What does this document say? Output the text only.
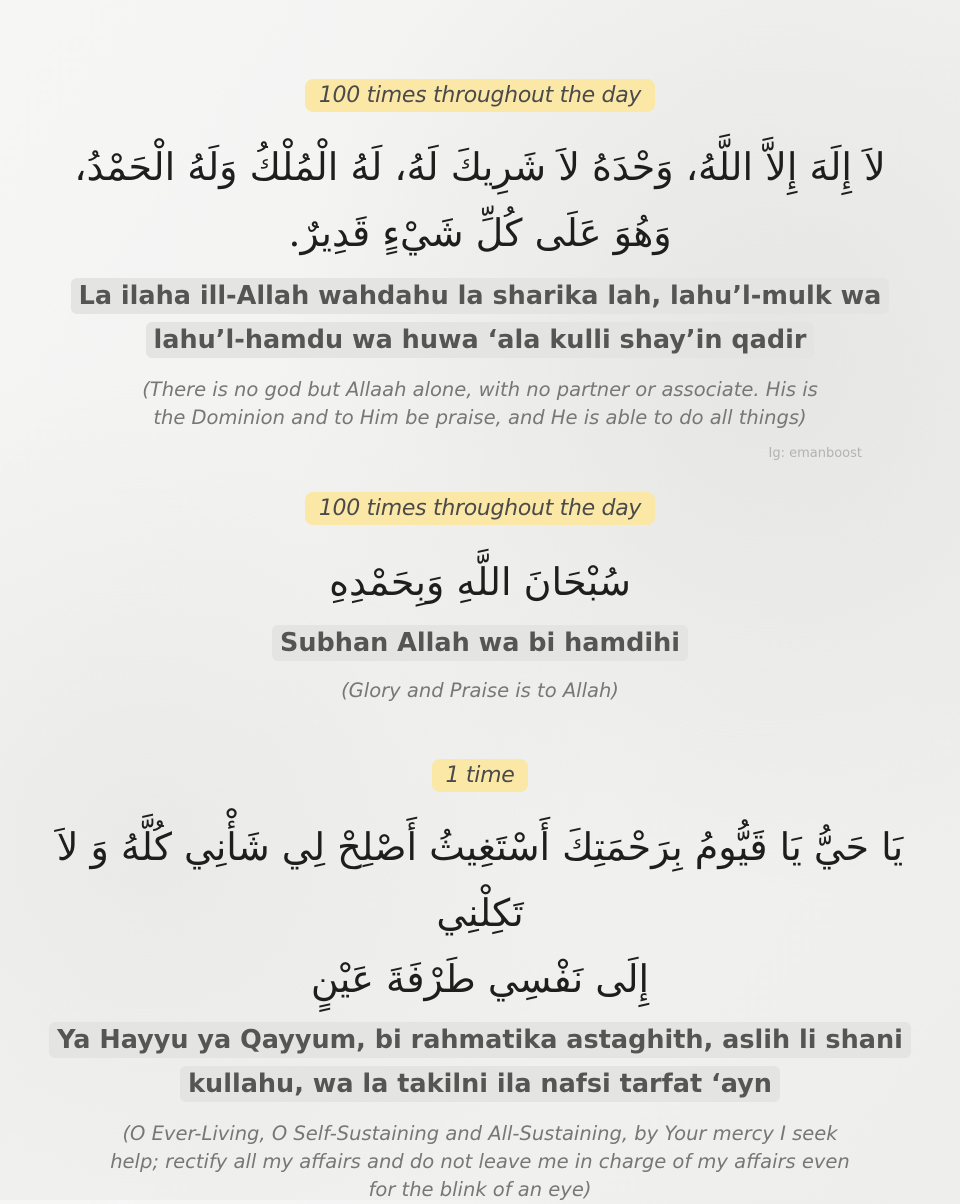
100 times throughout the day
لاَ إِلَهَ إِلاَّ اللَّهُ، وَحْدَهُ لاَ شَرِيكَ لَهُ، لَهُ الْمُلْكُ وَلَهُ الْحَمْدُ،
وَهُوَ عَلَى كُلِّ شَيْءٍ قَدِيرٌ.
La ilaha ill-Allah wahdahu la sharika lah, lahu’l-mulk wa
lahu’l-hamdu wa huwa ‘ala kulli shay’in qadir
(There is no god but Allaah alone, with no partner or associate. His is
the Dominion and to Him be praise, and He is able to do all things)
Ig: emanboost
100 times throughout the day
سُبْحَانَ اللَّهِ وَبِحَمْدِهِ
Subhan Allah wa bi hamdihi
(Glory and Praise is to Allah)
1 time
يَا حَيُّ يَا قَيُّومُ بِرَحْمَتِكَ أَسْتَغِيثُ أَصْلِحْ لِي شَأْنِي كُلَّهُ وَ لاَ تَكِلْنِي
إِلَى نَفْسِي طَرْفَةَ عَيْنٍ
Ya Hayyu ya Qayyum, bi rahmatika astaghith, aslih li shani
kullahu, wa la takilni ila nafsi tarfat ‘ayn
(O Ever-Living, O Self-Sustaining and All-Sustaining, by Your mercy I seek
help; rectify all my affairs and do not leave me in charge of my affairs even
for the blink of an eye)
